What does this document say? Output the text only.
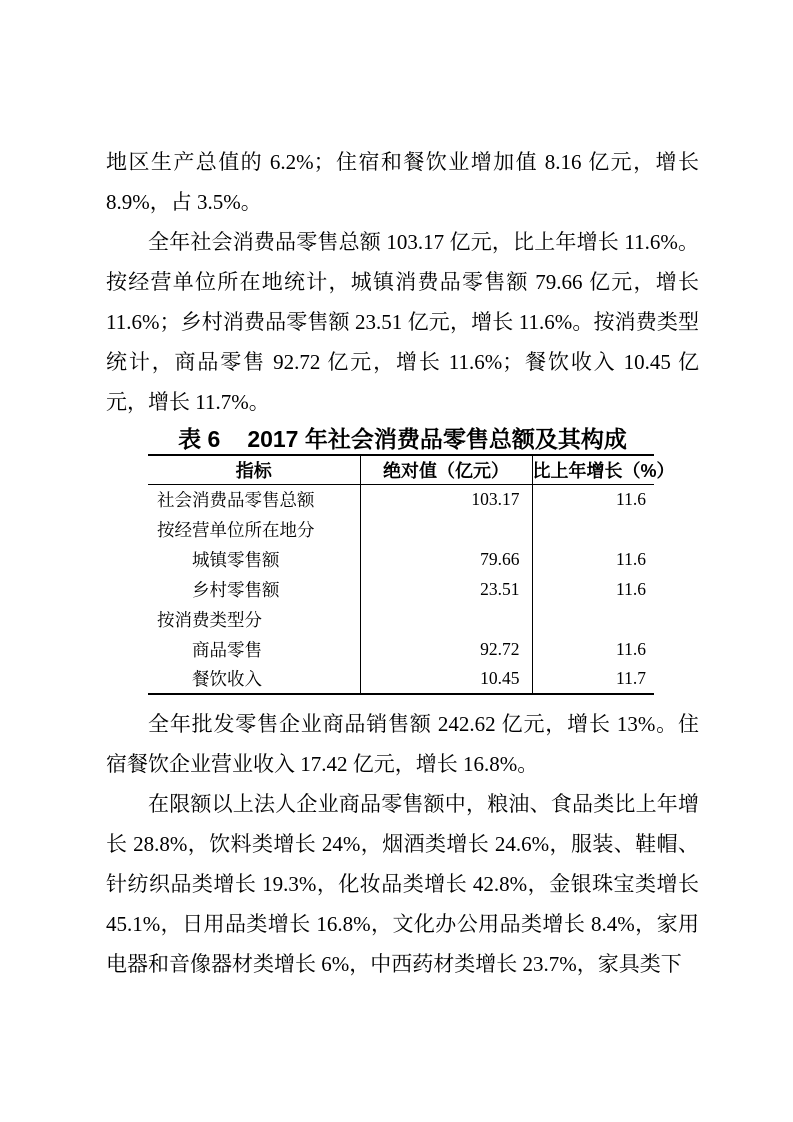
地区生产总值的 6.2%；住宿和餐饮业增加值 8.16 亿元，增长 8.9%，占 3.5%。

全年社会消费品零售总额 103.17 亿元，比上年增长 11.6%。按经营单位所在地统计，城镇消费品零售额 79.66 亿元，增长 11.6%；乡村消费品零售额 23.51 亿元，增长 11.6%。按消费类型统计，商品零售 92.72 亿元，增长 11.6%；餐饮收入 10.45 亿元，增长 11.7%。

表 6 2017 年社会消费品零售总额及其构成
指标	绝对值（亿元）	比上年增长（%）
社会消费品零售总额	103.17	11.6
按经营单位所在地分		
城镇零售额	79.66	11.6
乡村零售额	23.51	11.6
按消费类型分		
商品零售	92.72	11.6
餐饮收入	10.45	11.7

全年批发零售企业商品销售额 242.62 亿元，增长 13%。住宿餐饮企业营业收入 17.42 亿元，增长 16.8%。

在限额以上法人企业商品零售额中，粮油、食品类比上年增长 28.8%，饮料类增长 24%，烟酒类增长 24.6%，服装、鞋帽、针纺织品类增长 19.3%，化妆品类增长 42.8%，金银珠宝类增长 45.1%，日用品类增长 16.8%，文化办公用品类增长 8.4%，家用电器和音像器材类增长 6%，中西药材类增长 23.7%，家具类下
